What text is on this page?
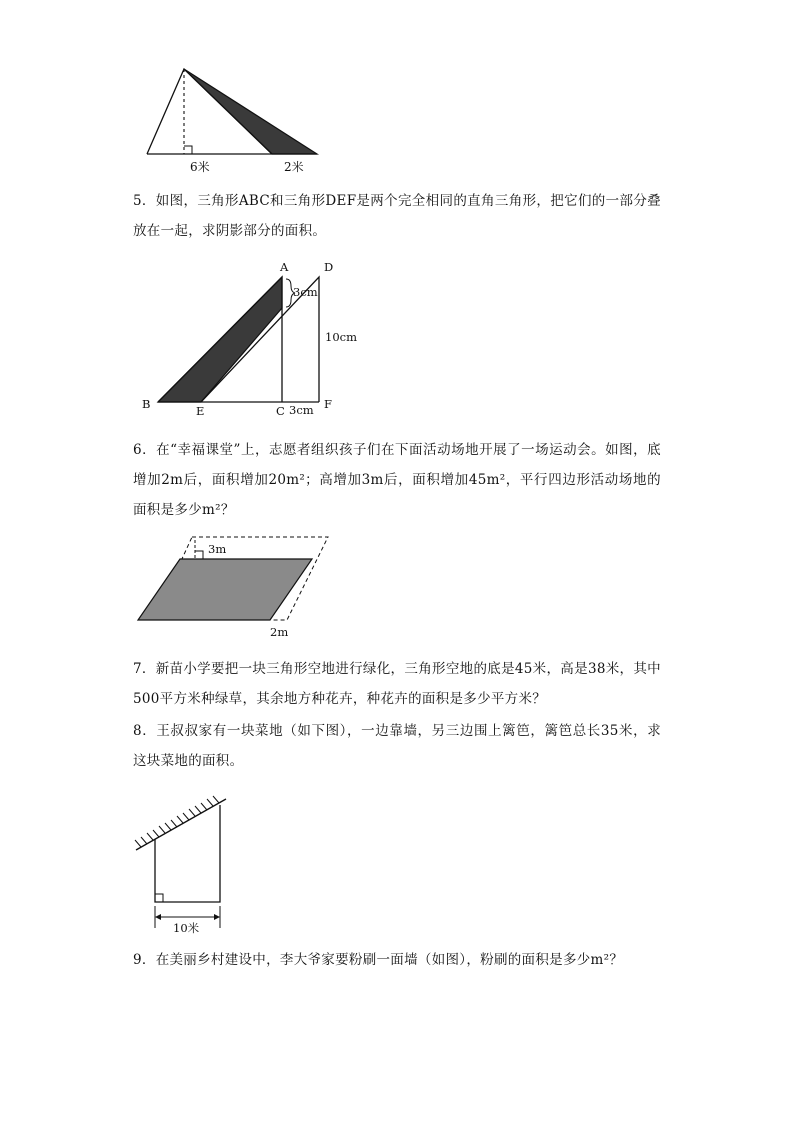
6米	2米

5．如图，三角形ABC和三角形DEF是两个完全相同的直角三角形，把它们的一部分叠放在一起，求阴影部分的面积。

A	D
B	E	C	F
3cm
10cm
3cm

6．在“幸福课堂”上，志愿者组织孩子们在下面活动场地开展了一场运动会。如图，底增加2m后，面积增加20m²；高增加3m后，面积增加45m²，平行四边形活动场地的面积是多少m²？

3m
2m

7．新苗小学要把一块三角形空地进行绿化，三角形空地的底是45米，高是38米，其中500平方米种绿草，其余地方种花卉，种花卉的面积是多少平方米？

8．王叔叔家有一块菜地（如下图），一边靠墙，另三边围上篱笆，篱笆总长35米，求这块菜地的面积。

10米

9．在美丽乡村建设中，李大爷家要粉刷一面墙（如图），粉刷的面积是多少m²？
